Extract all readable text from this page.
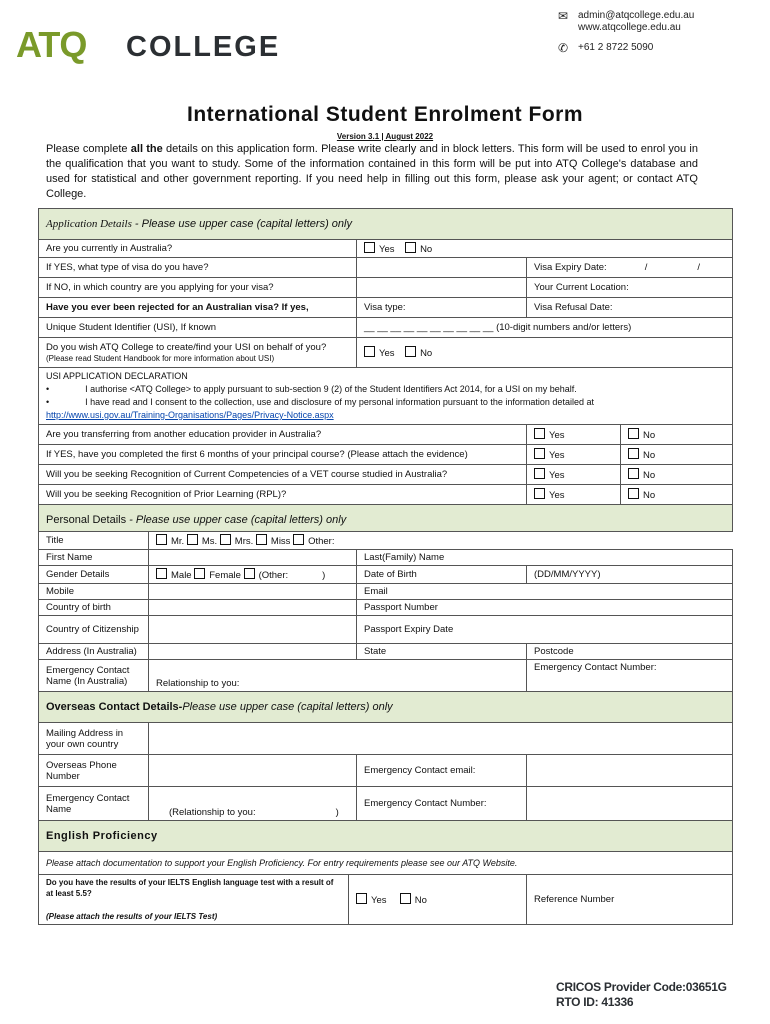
ATQ COLLEGE
✉ admin@atqcollege.edu.au
www.atqcollege.edu.au
✆ +61 2 8722 5090
International Student Enrolment Form
Version 3.1 | August 2022
Please complete all the details on this application form. Please write clearly and in block letters. This form will be used to enrol you in the qualification that you want to study. Some of the information contained in this form will be put into ATQ College's database and used for statistical and other government reporting. If you need help in filling out this form, please ask your agent; or contact ATQ College.
Application Details - Please use upper case (capital letters) only					
Are you currently in Australia?			Yes No		
If YES, what type of visa do you have?				Visa Expiry Date: / /	
If NO, in which country are you applying for your visa?				Your Current Location:	
Have you ever been rejected for an Australian visa? If yes,			Visa type:	Visa Refusal Date:	
Unique Student Identifier (USI), If known			__ __ __ __ __ __ __ __ __ __ (10-digit numbers and/or letters)		
Do you wish ATQ College to create/find your USI on behalf of you? (Please read Student Handbook for more information about USI)			Yes No		

USI APPLICATION DECLARATION
• I authorise <ATQ College> to apply pursuant to sub-section 9 (2) of the Student Identifiers Act 2014, for a USI on my behalf.
• I have read and I consent to the collection, use and disclosure of my personal information pursuant to the information detailed at
http://www.usi.gov.au/Training-Organisations/Pages/Privacy-Notice.aspx					

Are you transferring from another education provider in Australia?				Yes	No
If YES, have you completed the first 6 months of your principal course? (Please attach the evidence)				Yes	No
Will you be seeking Recognition of Current Competencies of a VET course studied in Australia?				Yes	No
Will you be seeking Recognition of Prior Learning (RPL)?				Yes	No
Personal Details - Please use upper case (capital letters) only					
Title	Mr. Ms. Mrs. Miss Other:				
First Name			Last(Family) Name		
Gender Details	Male Female (Other: )		Date of Birth	(DD/MM/YYYY)	
Mobile			Email		
Country of birth			Passport Number		
Country of Citizenship			Passport Expiry Date		
Address (In Australia)			State	Postcode	
Emergency Contact Name (In Australia)	Relationship to you:			Emergency Contact Number:	
Overseas Contact Details-Please use upper case (capital letters) only					
Mailing Address in your own country					
Overseas Phone Number			Emergency Contact email:		
Emergency Contact Name	(Relationship to you: )		Emergency Contact Number:		
English Proficiency					
Please attach documentation to support your English Proficiency. For entry requirements please see our ATQ Website.					

Do you have the results of your IELTS English language test with a result of at least 5.5?
(Please attach the results of your IELTS Test)		Yes No		Reference Number	
CRICOS Provider Code:03651G
RTO ID: 41336
